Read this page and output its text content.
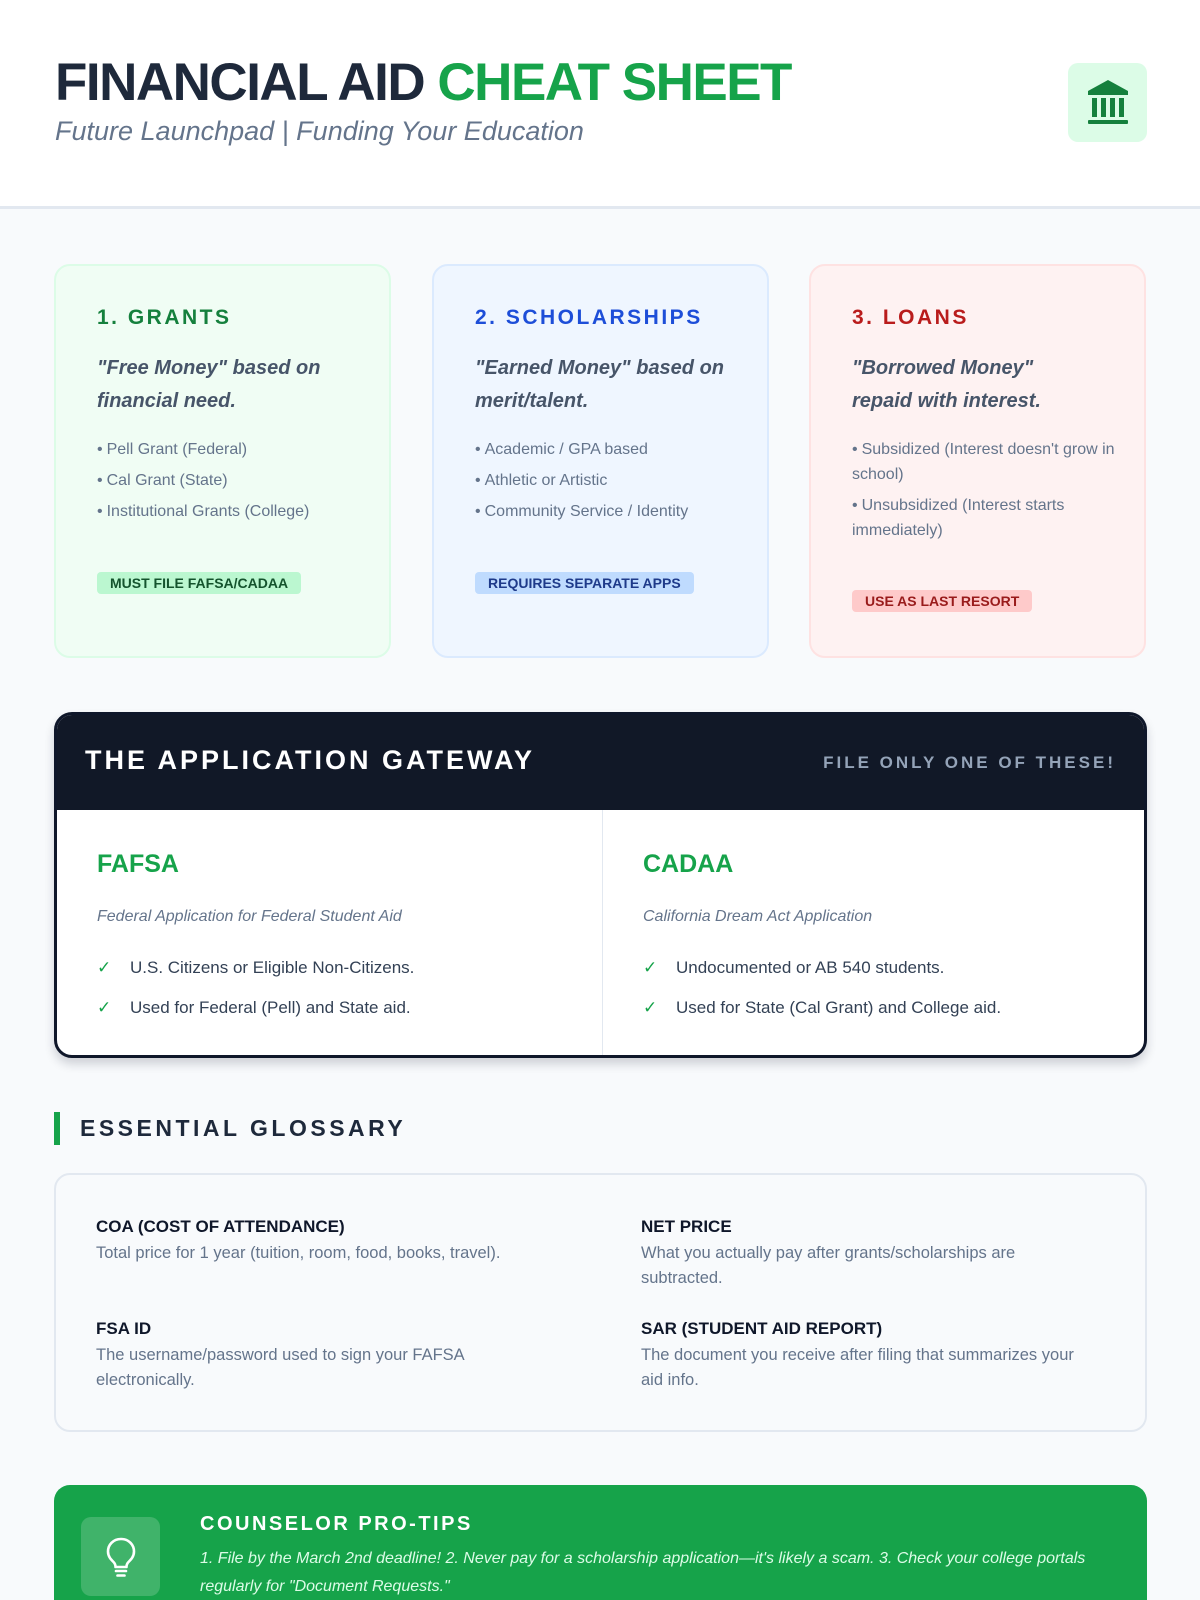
FINANCIAL AID CHEAT SHEET
Future Launchpad | Funding Your Education
1. GRANTS
"Free Money" based on financial need.
• Pell Grant (Federal)
• Cal Grant (State)
• Institutional Grants (College)
MUST FILE FAFSA/CADAA
2. SCHOLARSHIPS
"Earned Money" based on merit/talent.
• Academic / GPA based
• Athletic or Artistic
• Community Service / Identity
REQUIRES SEPARATE APPS
3. LOANS
"Borrowed Money" repaid with interest.
• Subsidized (Interest doesn't grow in school)
• Unsubsidized (Interest starts immediately)
USE AS LAST RESORT
THE APPLICATION GATEWAY	FILE ONLY ONE OF THESE!
FAFSA
Federal Application for Federal Student Aid
✓ U.S. Citizens or Eligible Non-Citizens.
✓ Used for Federal (Pell) and State aid.
CADAA
California Dream Act Application
✓ Undocumented or AB 540 students.
✓ Used for State (Cal Grant) and College aid.
ESSENTIAL GLOSSARY
COA (COST OF ATTENDANCE)
Total price for 1 year (tuition, room, food, books, travel).
NET PRICE
What you actually pay after grants/scholarships are subtracted.
FSA ID
The username/password used to sign your FAFSA electronically.
SAR (STUDENT AID REPORT)
The document you receive after filing that summarizes your aid info.
COUNSELOR PRO-TIPS
1. File by the March 2nd deadline! 2. Never pay for a scholarship application—it's likely a scam. 3. Check your college portals regularly for "Document Requests."
